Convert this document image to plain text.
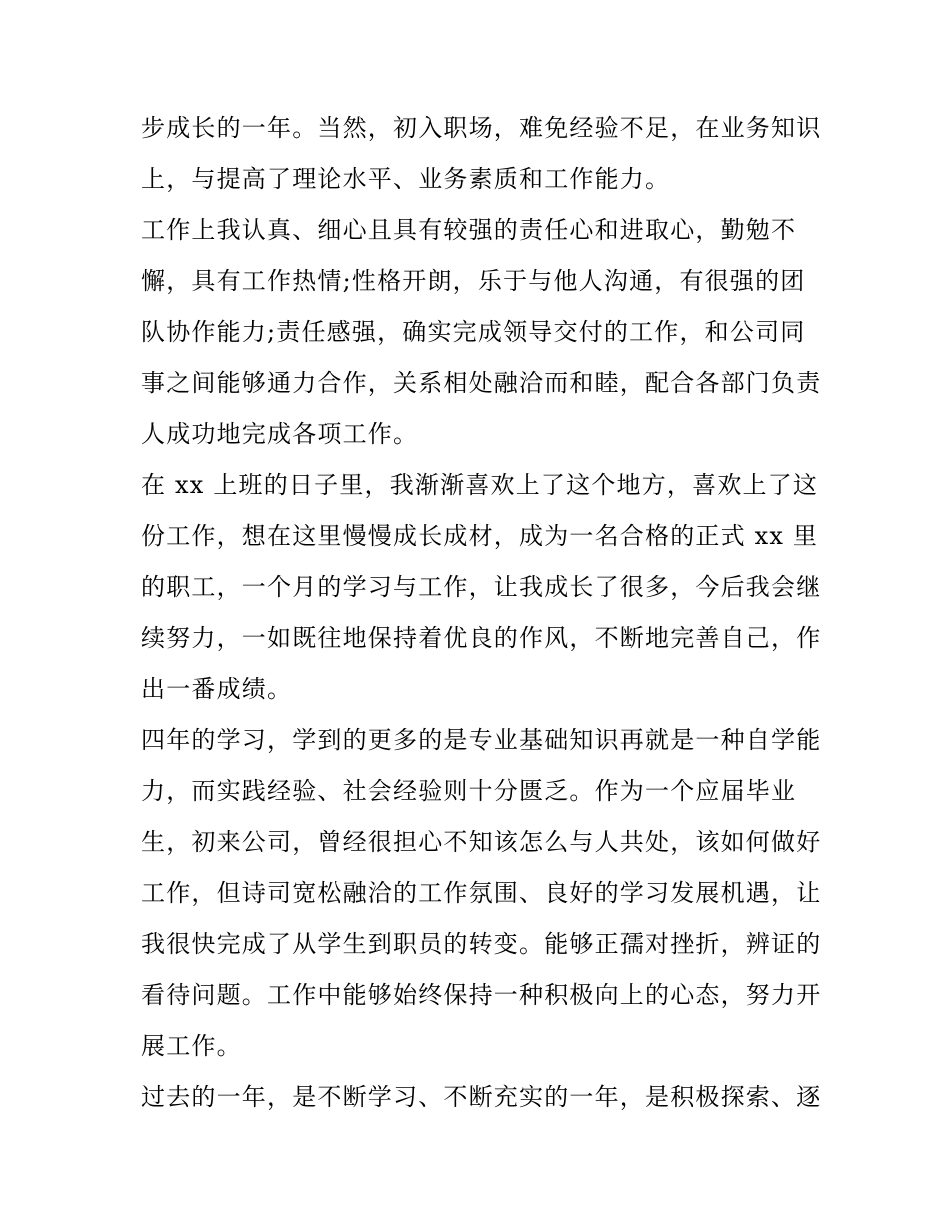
步成长的一年。当然，初入职场，难免经验不足，在业务知识
上，与提高了理论水平、业务素质和工作能力。
工作上我认真、细心且具有较强的责任心和进取心，勤勉不
懈，具有工作热情;性格开朗，乐于与他人沟通，有很强的团
队协作能力;责任感强，确实完成领导交付的工作，和公司同
事之间能够通力合作，关系相处融洽而和睦，配合各部门负责
人成功地完成各项工作。
在 xx 上班的日子里，我渐渐喜欢上了这个地方，喜欢上了这
份工作，想在这里慢慢成长成材，成为一名合格的正式 xx 里
的职工，一个月的学习与工作，让我成长了很多，今后我会继
续努力，一如既往地保持着优良的作风，不断地完善自己，作
出一番成绩。
四年的学习，学到的更多的是专业基础知识再就是一种自学能
力，而实践经验、社会经验则十分匮乏。作为一个应届毕业
生，初来公司，曾经很担心不知该怎么与人共处，该如何做好
工作，但诗司宽松融洽的工作氛围、良好的学习发展机遇，让
我很快完成了从学生到职员的转变。能够正孺对挫折，辨证的
看待问题。工作中能够始终保持一种积极向上的心态，努力开
展工作。
过去的一年，是不断学习、不断充实的一年，是积极探索、逐
